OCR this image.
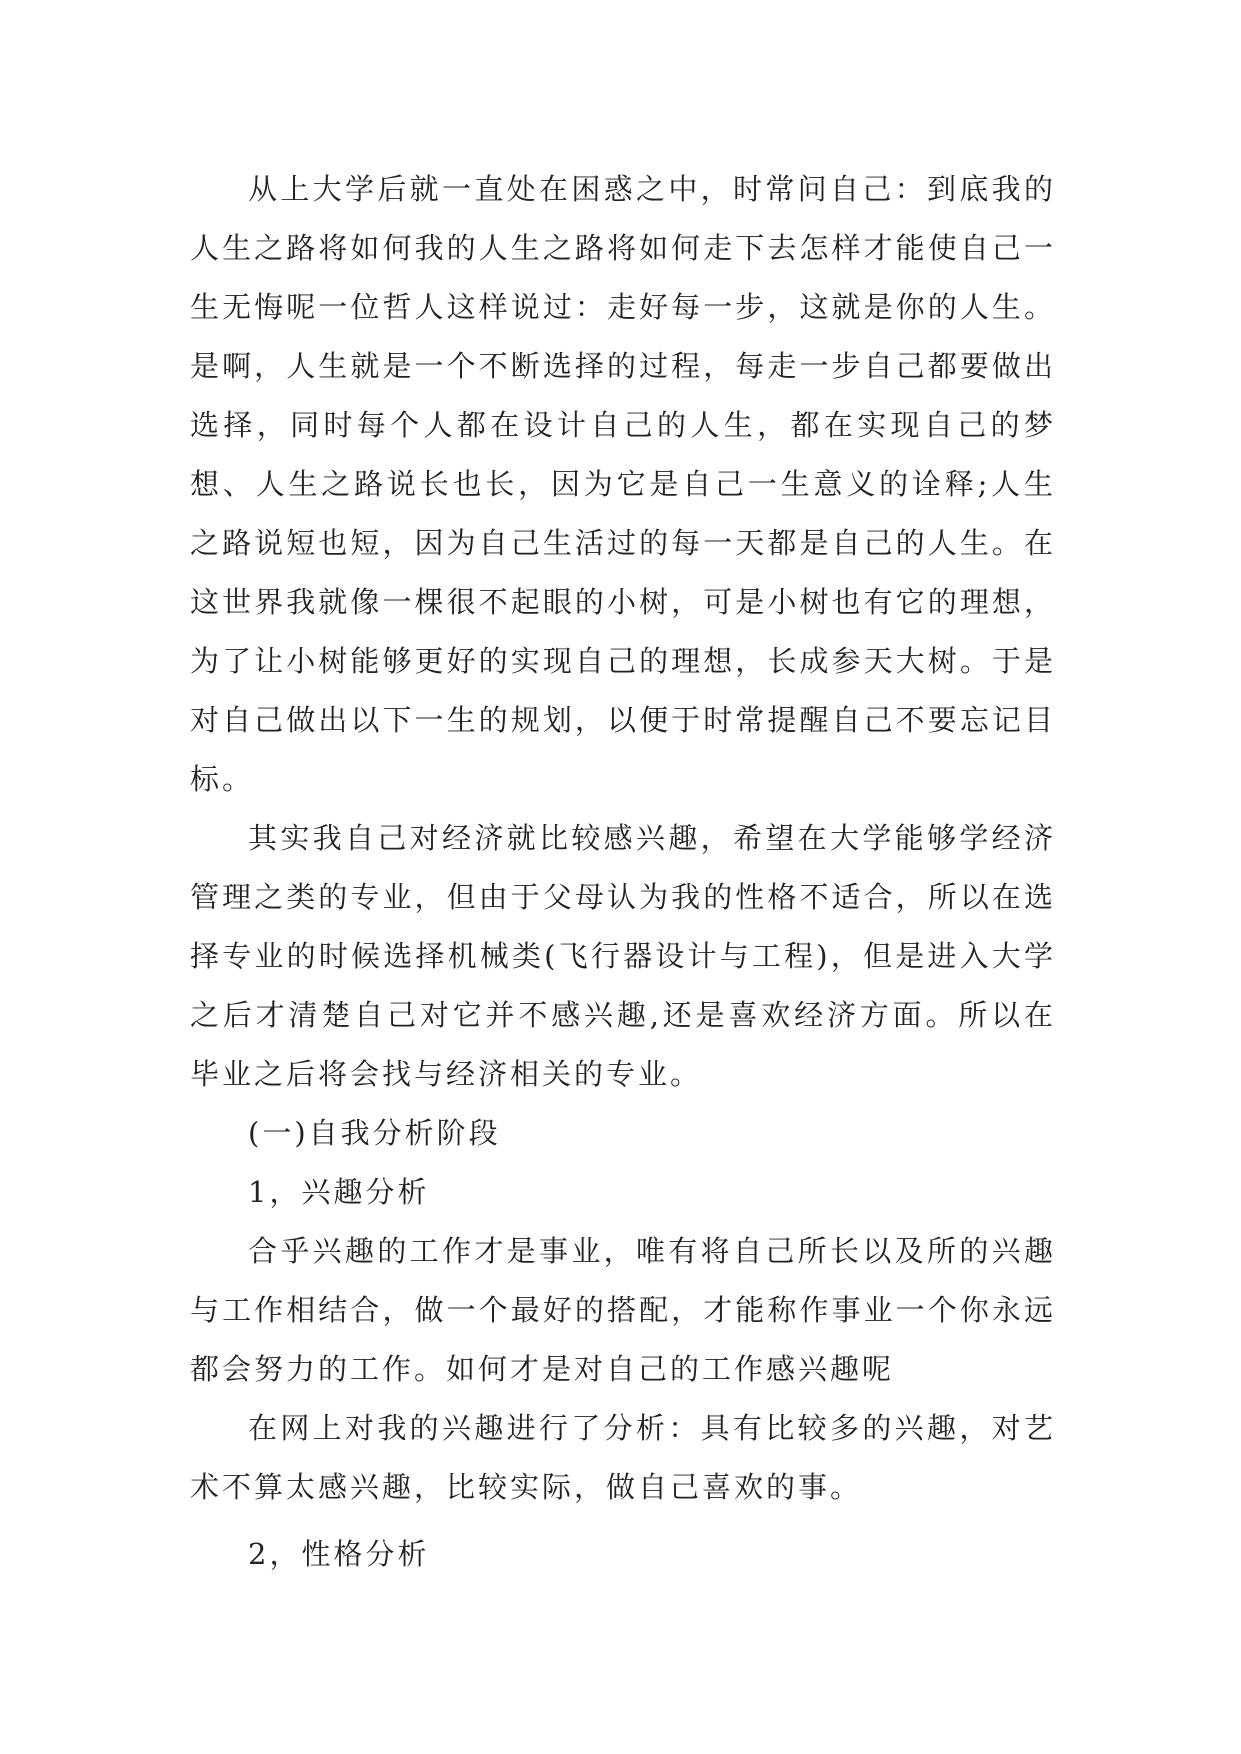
从上大学后就一直处在困惑之中，时常问自己：到底我的人生之路将如何我的人生之路将如何走下去怎样才能使自己一生无悔呢一位哲人这样说过：走好每一步，这就是你的人生。是啊，人生就是一个不断选择的过程，每走一步自己都要做出选择，同时每个人都在设计自己的人生，都在实现自己的梦想、人生之路说长也长，因为它是自己一生意义的诠释;人生之路说短也短，因为自己生活过的每一天都是自己的人生。在这世界我就像一棵很不起眼的小树，可是小树也有它的理想，为了让小树能够更好的实现自己的理想，长成参天大树。于是对自己做出以下一生的规划，以便于时常提醒自己不要忘记目标。

其实我自己对经济就比较感兴趣，希望在大学能够学经济管理之类的专业，但由于父母认为我的性格不适合，所以在选择专业的时候选择机械类(飞行器设计与工程)，但是进入大学之后才清楚自己对它并不感兴趣,还是喜欢经济方面。所以在毕业之后将会找与经济相关的专业。

(一)自我分析阶段

1，兴趣分析

合乎兴趣的工作才是事业，唯有将自己所长以及所的兴趣与工作相结合，做一个最好的搭配，才能称作事业一个你永远都会努力的工作。如何才是对自己的工作感兴趣呢

在网上对我的兴趣进行了分析：具有比较多的兴趣，对艺术不算太感兴趣，比较实际，做自己喜欢的事。

2，性格分析
